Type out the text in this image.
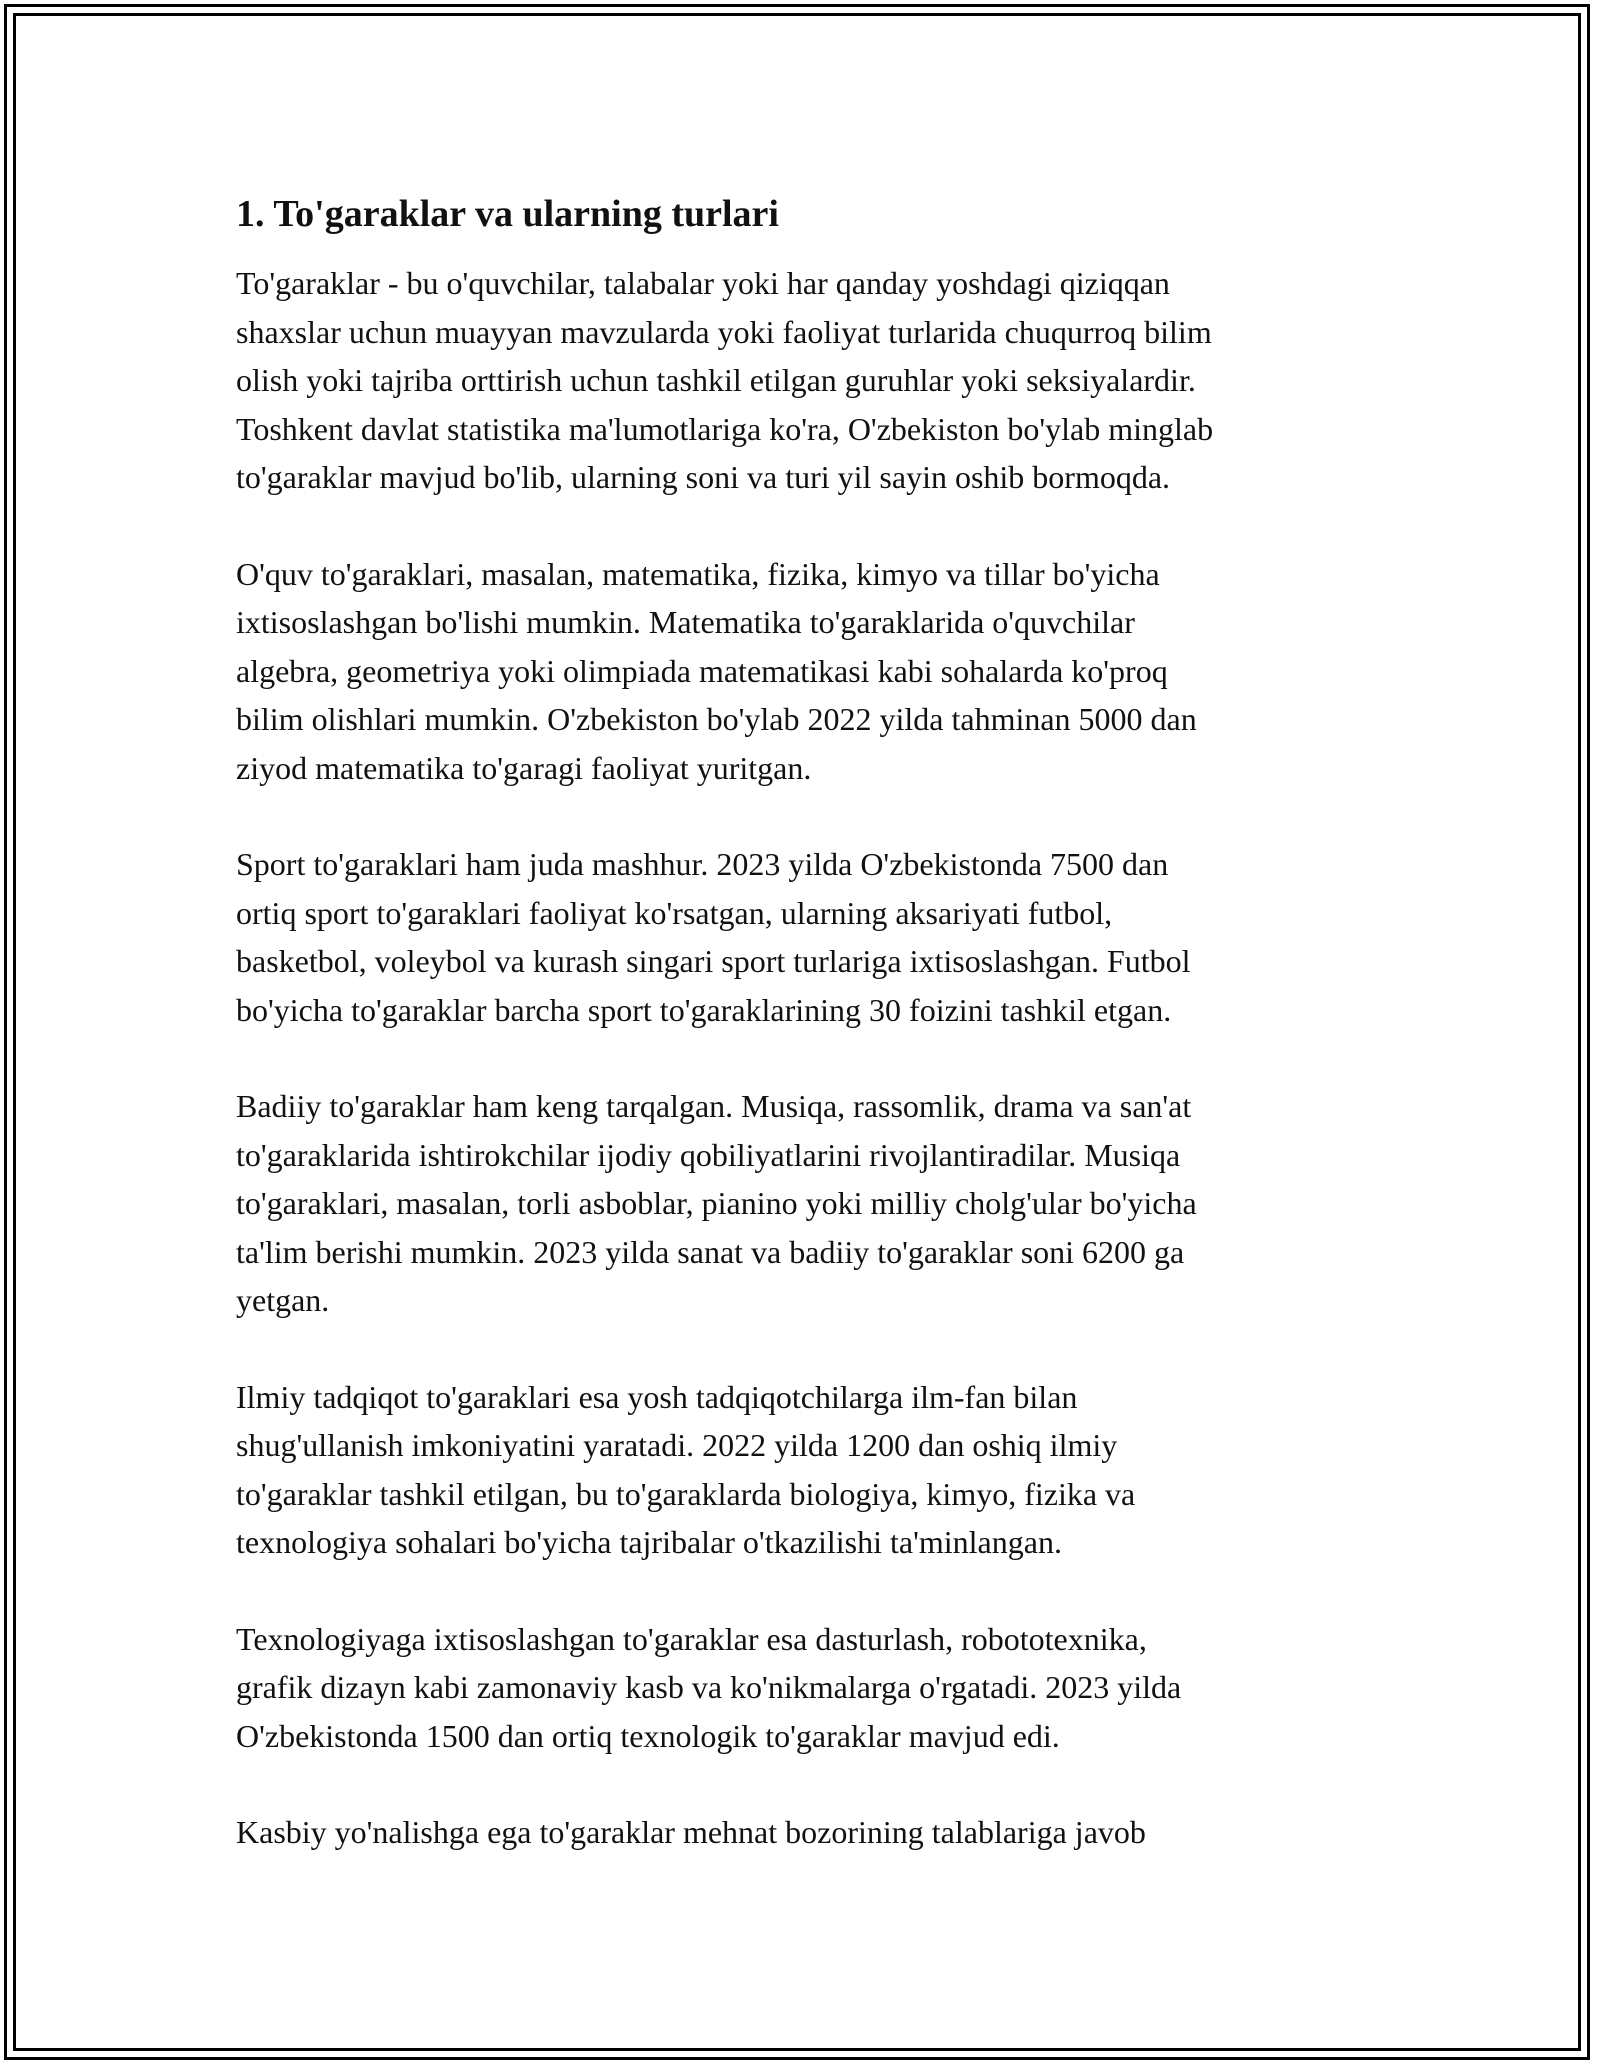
1. To'garaklar va ularning turlari

To'garaklar - bu o'quvchilar, talabalar yoki har qanday yoshdagi qiziqqan
shaxslar uchun muayyan mavzularda yoki faoliyat turlarida chuqurroq bilim
olish yoki tajriba orttirish uchun tashkil etilgan guruhlar yoki seksiyalardir.
Toshkent davlat statistika ma'lumotlariga ko'ra, O'zbekiston bo'ylab minglab
to'garaklar mavjud bo'lib, ularning soni va turi yil sayin oshib bormoqda.

O'quv to'garaklari, masalan, matematika, fizika, kimyo va tillar bo'yicha
ixtisoslashgan bo'lishi mumkin. Matematika to'garaklarida o'quvchilar
algebra, geometriya yoki olimpiada matematikasi kabi sohalarda ko'proq
bilim olishlari mumkin. O'zbekiston bo'ylab 2022 yilda tahminan 5000 dan
ziyod matematika to'garagi faoliyat yuritgan.

Sport to'garaklari ham juda mashhur. 2023 yilda O'zbekistonda 7500 dan
ortiq sport to'garaklari faoliyat ko'rsatgan, ularning aksariyati futbol,
basketbol, voleybol va kurash singari sport turlariga ixtisoslashgan. Futbol
bo'yicha to'garaklar barcha sport to'garaklarining 30 foizini tashkil etgan.

Badiiy to'garaklar ham keng tarqalgan. Musiqa, rassomlik, drama va san'at
to'garaklarida ishtirokchilar ijodiy qobiliyatlarini rivojlantiradilar. Musiqa
to'garaklari, masalan, torli asboblar, pianino yoki milliy cholg'ular bo'yicha
ta'lim berishi mumkin. 2023 yilda sanat va badiiy to'garaklar soni 6200 ga
yetgan.

Ilmiy tadqiqot to'garaklari esa yosh tadqiqotchilarga ilm-fan bilan
shug'ullanish imkoniyatini yaratadi. 2022 yilda 1200 dan oshiq ilmiy
to'garaklar tashkil etilgan, bu to'garaklarda biologiya, kimyo, fizika va
texnologiya sohalari bo'yicha tajribalar o'tkazilishi ta'minlangan.

Texnologiyaga ixtisoslashgan to'garaklar esa dasturlash, robototexnika,
grafik dizayn kabi zamonaviy kasb va ko'nikmalarga o'rgatadi. 2023 yilda
O'zbekistonda 1500 dan ortiq texnologik to'garaklar mavjud edi.

Kasbiy yo'nalishga ega to'garaklar mehnat bozorining talablariga javob
